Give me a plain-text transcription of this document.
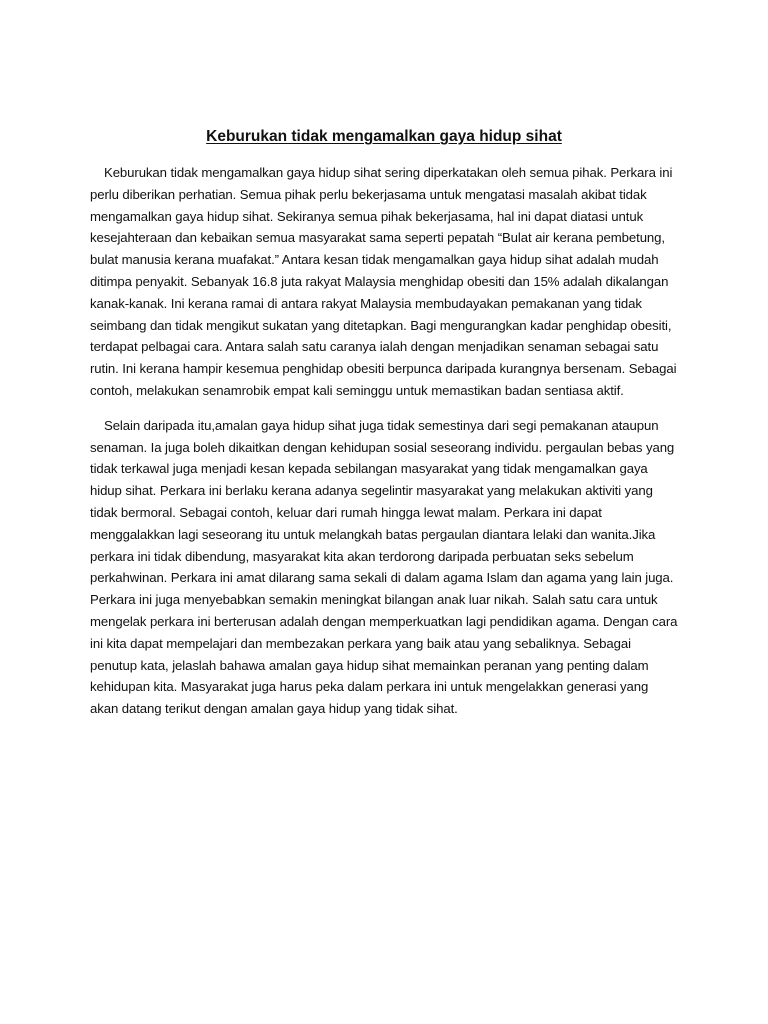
Keburukan tidak mengamalkan gaya hidup sihat

Keburukan tidak mengamalkan gaya hidup sihat sering diperkatakan oleh semua pihak. Perkara ini perlu diberikan perhatian. Semua pihak perlu bekerjasama untuk mengatasi masalah akibat tidak mengamalkan gaya hidup sihat. Sekiranya semua pihak bekerjasama, hal ini dapat diatasi untuk kesejahteraan dan kebaikan semua masyarakat sama seperti pepatah “Bulat air kerana pembetung, bulat manusia kerana muafakat.” Antara kesan tidak mengamalkan gaya hidup sihat adalah mudah ditimpa penyakit. Sebanyak 16.8 juta rakyat Malaysia menghidap obesiti dan 15% adalah dikalangan kanak-kanak. Ini kerana ramai di antara rakyat Malaysia membudayakan pemakanan yang tidak seimbang dan tidak mengikut sukatan yang ditetapkan. Bagi mengurangkan kadar penghidap obesiti, terdapat pelbagai cara. Antara salah satu caranya ialah dengan menjadikan senaman sebagai satu rutin. Ini kerana hampir kesemua penghidap obesiti berpunca daripada kurangnya bersenam. Sebagai contoh, melakukan senamrobik empat kali seminggu untuk memastikan badan sentiasa aktif.

Selain daripada itu,amalan gaya hidup sihat juga tidak semestinya dari segi pemakanan ataupun senaman. Ia juga boleh dikaitkan dengan kehidupan sosial seseorang individu. pergaulan bebas yang tidak terkawal juga menjadi kesan kepada sebilangan masyarakat yang tidak mengamalkan gaya hidup sihat. Perkara ini berlaku kerana adanya segelintir masyarakat yang melakukan aktiviti yang tidak bermoral. Sebagai contoh, keluar dari rumah hingga lewat malam. Perkara ini dapat menggalakkan lagi seseorang itu untuk melangkah batas pergaulan diantara lelaki dan wanita.Jika perkara ini tidak dibendung, masyarakat kita akan terdorong daripada perbuatan seks sebelum perkahwinan. Perkara ini amat dilarang sama sekali di dalam agama Islam dan agama yang lain juga. Perkara ini juga menyebabkan semakin meningkat bilangan anak luar nikah. Salah satu cara untuk mengelak perkara ini berterusan adalah dengan memperkuatkan lagi pendidikan agama. Dengan cara ini kita dapat mempelajari dan membezakan perkara yang baik atau yang sebaliknya. Sebagai penutup kata, jelaslah bahawa amalan gaya hidup sihat memainkan peranan yang penting dalam kehidupan kita. Masyarakat juga harus peka dalam perkara ini untuk mengelakkan generasi yang akan datang terikut dengan amalan gaya hidup yang tidak sihat.
